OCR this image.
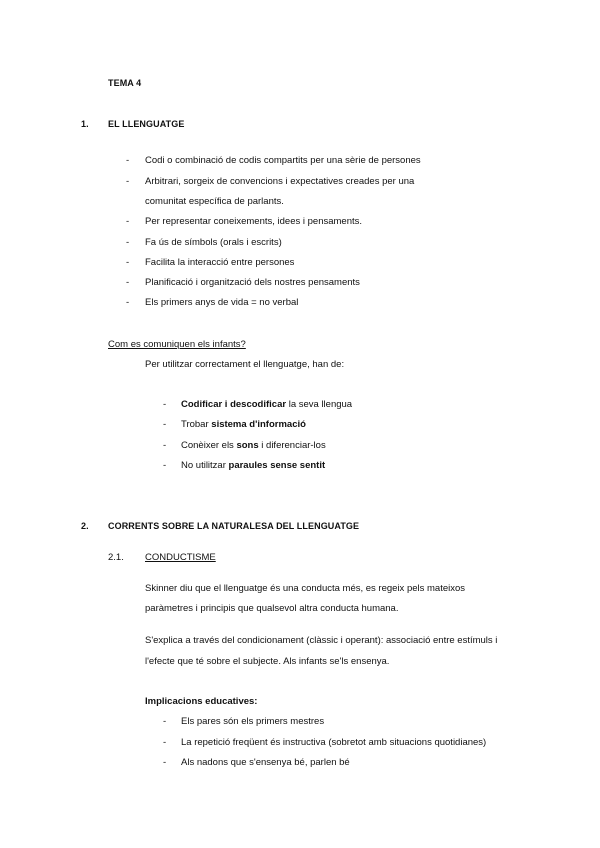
TEMA 4
1. EL LLENGUATGE
- Codi o combinació de codis compartits per una sèrie de persones
- Arbitrari, sorgeix de convencions i expectatives creades per una
comunitat específica de parlants.
- Per representar coneixements, idees i pensaments.
- Fa ús de símbols (orals i escrits)
- Facilita la interacció entre persones
- Planificació i organització dels nostres pensaments
- Els primers anys de vida = no verbal
Com es comuniquen els infants?
Per utilitzar correctament el llenguatge, han de:
- Codificar i descodificar la seva llengua
- Trobar sistema d'informació
- Conèixer els sons i diferenciar-los
- No utilitzar paraules sense sentit
2. CORRENTS SOBRE LA NATURALESA DEL LLENGUATGE
2.1. CONDUCTISME
Skinner diu que el llenguatge és una conducta més, es regeix pels mateixos
paràmetres i principis que qualsevol altra conducta humana.
S'explica a través del condicionament (clàssic i operant): associació entre estímuls i
l'efecte que té sobre el subjecte. Als infants se'ls ensenya.
Implicacions educatives:
- Els pares són els primers mestres
- La repetició freqüent és instructiva (sobretot amb situacions quotidianes)
- Als nadons que s'ensenya bé, parlen bé
